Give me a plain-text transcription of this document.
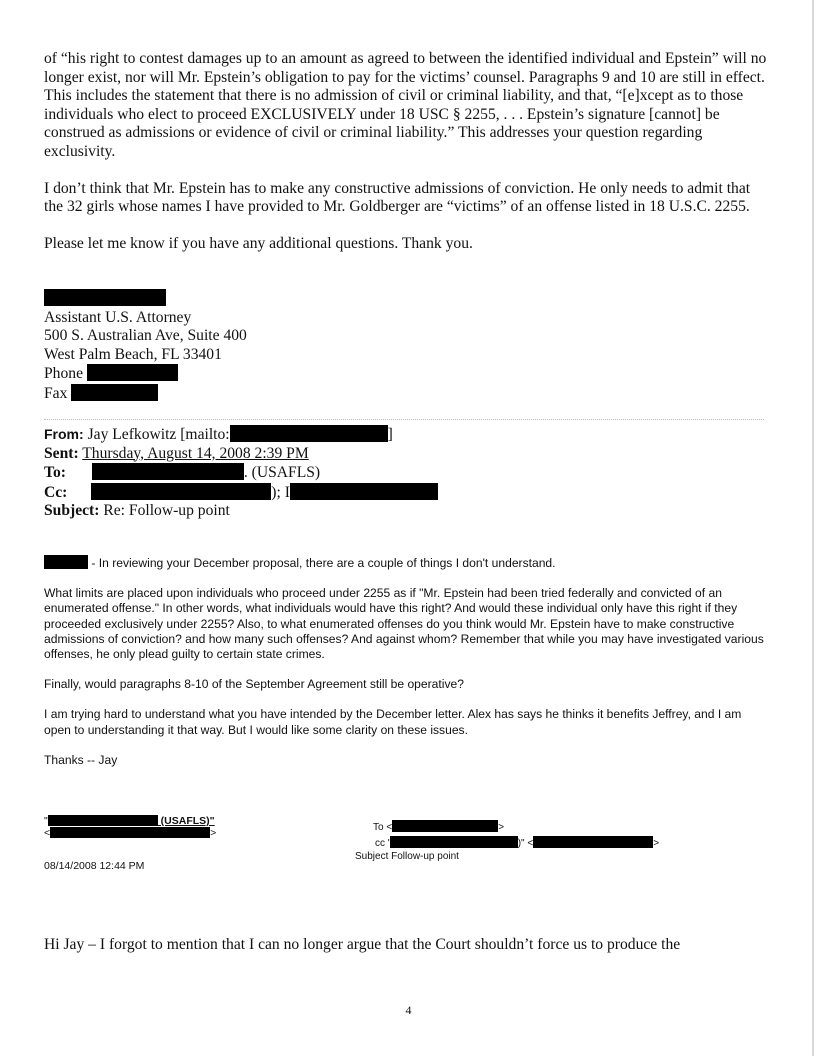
of “his right to contest damages up to an amount as agreed to between the identified individual and Epstein” will no longer exist, nor will Mr. Epstein’s obligation to pay for the victims’ counsel. Paragraphs 9 and 10 are still in effect. This includes the statement that there is no admission of civil or criminal liability, and that, “[e]xcept as to those individuals who elect to proceed EXCLUSIVELY under 18 USC § 2255, . . . Epstein’s signature [cannot] be construed as admissions or evidence of civil or criminal liability.” This addresses your question regarding exclusivity.

I don’t think that Mr. Epstein has to make any constructive admissions of conviction. He only needs to admit that the 32 girls whose names I have provided to Mr. Goldberger are “victims” of an offense listed in 18 U.S.C. 2255.

Please let me know if you have any additional questions. Thank you.

Assistant U.S. Attorney
500 S. Australian Ave, Suite 400
West Palm Beach, FL 33401
Phone
Fax
From: Jay Lefkowitz [mailto:	]
Sent: Thursday, August 14, 2008 2:39 PM
To:	. (USAFLS)
Cc:	); I
Subject: Re: Follow-up point

- In reviewing your December proposal, there are a couple of things I don't understand.

What limits are placed upon individuals who proceed under 2255 as if "Mr. Epstein had been tried federally and convicted of an enumerated offense." In other words, what individuals would have this right? And would these individual only have this right if they proceeded exclusively under 2255? Also, to what enumerated offenses do you think would Mr. Epstein have to make constructive admissions of conviction? and how many such offenses? And against whom? Remember that while you may have investigated various offenses, he only plead guilty to certain state crimes.

Finally, would paragraphs 8-10 of the September Agreement still be operative?

I am trying hard to understand what you have intended by the December letter. Alex has says he thinks it benefits Jeffrey, and I am open to understanding it that way. But I would like some clarity on these issues.

Thanks -- Jay

"	(USAFLS)"
<	>
08/14/2008 12:44 PM
To <	>
cc	)" <	>
Subject Follow-up point
Hi Jay – I forgot to mention that I can no longer argue that the Court shouldn’t force us to produce the
4
